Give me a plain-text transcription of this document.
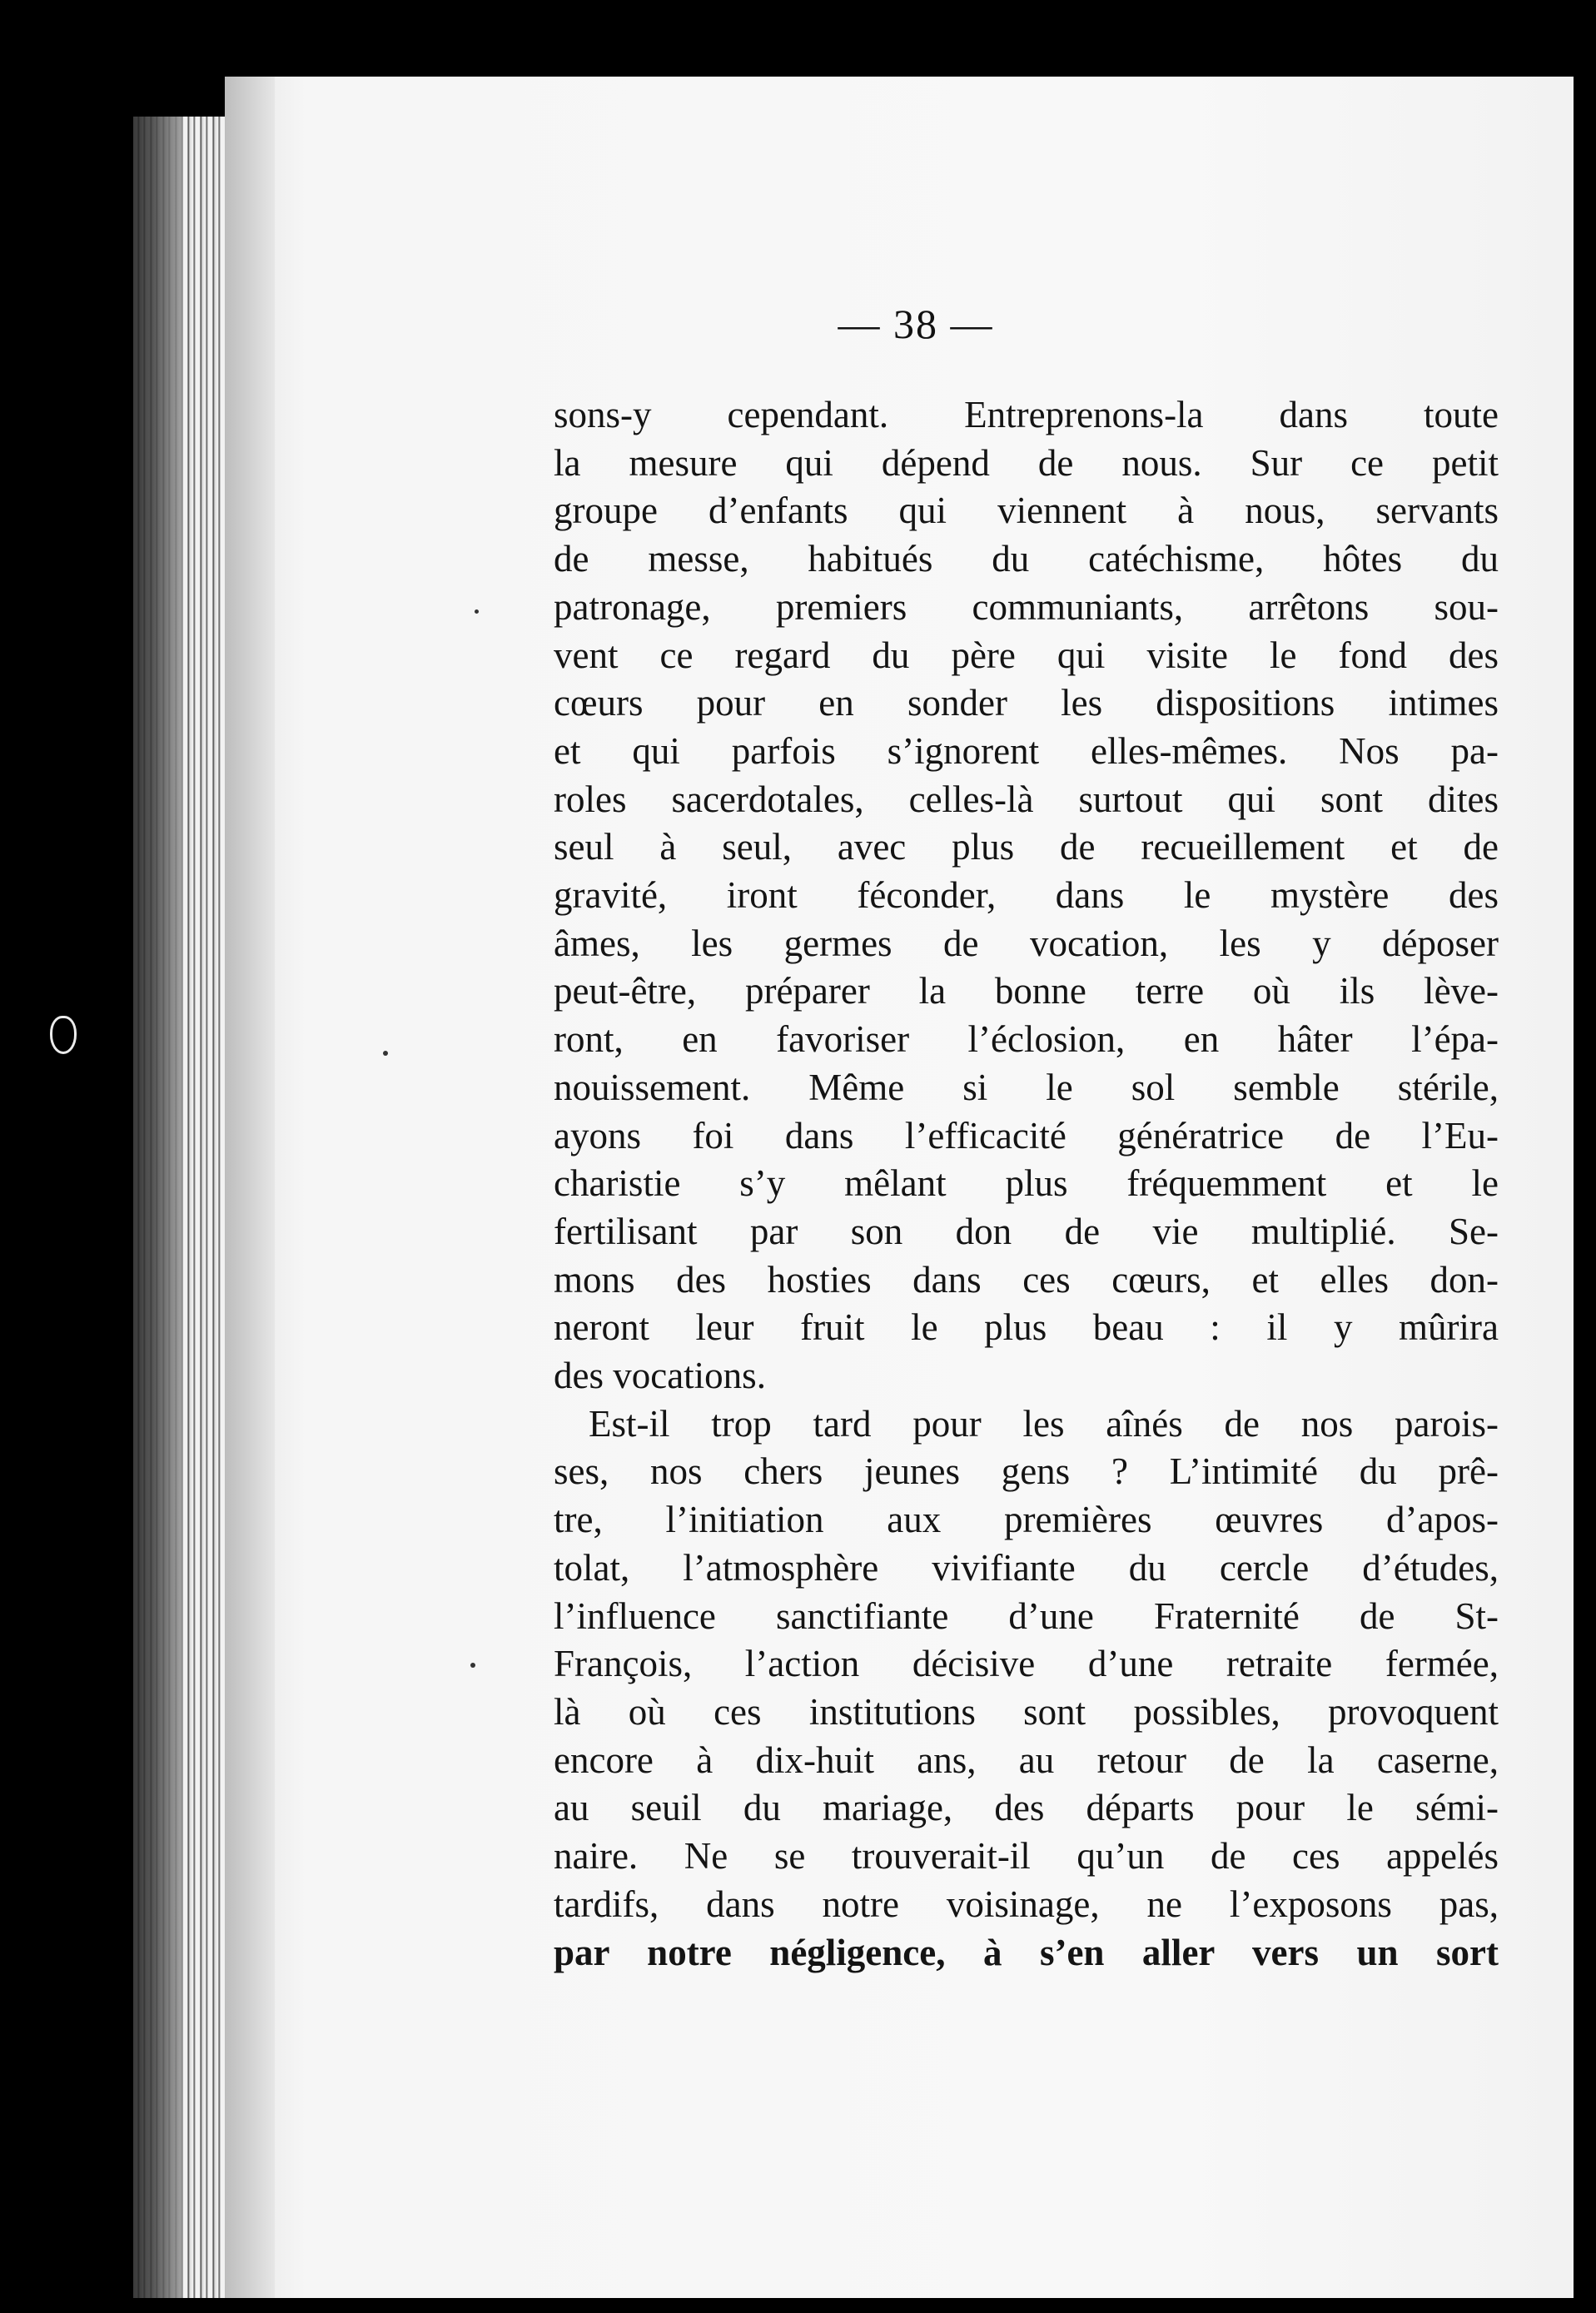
— 38 —
sons-y cependant. Entreprenons-la dans toute
la mesure qui dépend de nous. Sur ce petit
groupe d’enfants qui viennent à nous, servants
de messe, habitués du catéchisme, hôtes du
patronage, premiers communiants, arrêtons sou-
vent ce regard du père qui visite le fond des
cœurs pour en sonder les dispositions intimes
et qui parfois s’ignorent elles-mêmes. Nos pa-
roles sacerdotales, celles-là surtout qui sont dites
seul à seul, avec plus de recueillement et de
gravité, iront féconder, dans le mystère des
âmes, les germes de vocation, les y déposer
peut-être, préparer la bonne terre où ils lève-
ront, en favoriser l’éclosion, en hâter l’épa-
nouissement. Même si le sol semble stérile,
ayons foi dans l’efficacité génératrice de l’Eu-
charistie s’y mêlant plus fréquemment et le
fertilisant par son don de vie multiplié. Se-
mons des hosties dans ces cœurs, et elles don-
neront leur fruit le plus beau : il y mûrira
des vocations.
Est-il trop tard pour les aînés de nos parois-
ses, nos chers jeunes gens ? L’intimité du prê-
tre, l’initiation aux premières œuvres d’apos-
tolat, l’atmosphère vivifiante du cercle d’études,
l’influence sanctifiante d’une Fraternité de St-
François, l’action décisive d’une retraite fermée,
là où ces institutions sont possibles, provoquent
encore à dix-huit ans, au retour de la caserne,
au seuil du mariage, des départs pour le sémi-
naire. Ne se trouverait-il qu’un de ces appelés
tardifs, dans notre voisinage, ne l’exposons pas,
par notre négligence, à s’en aller vers un sort
